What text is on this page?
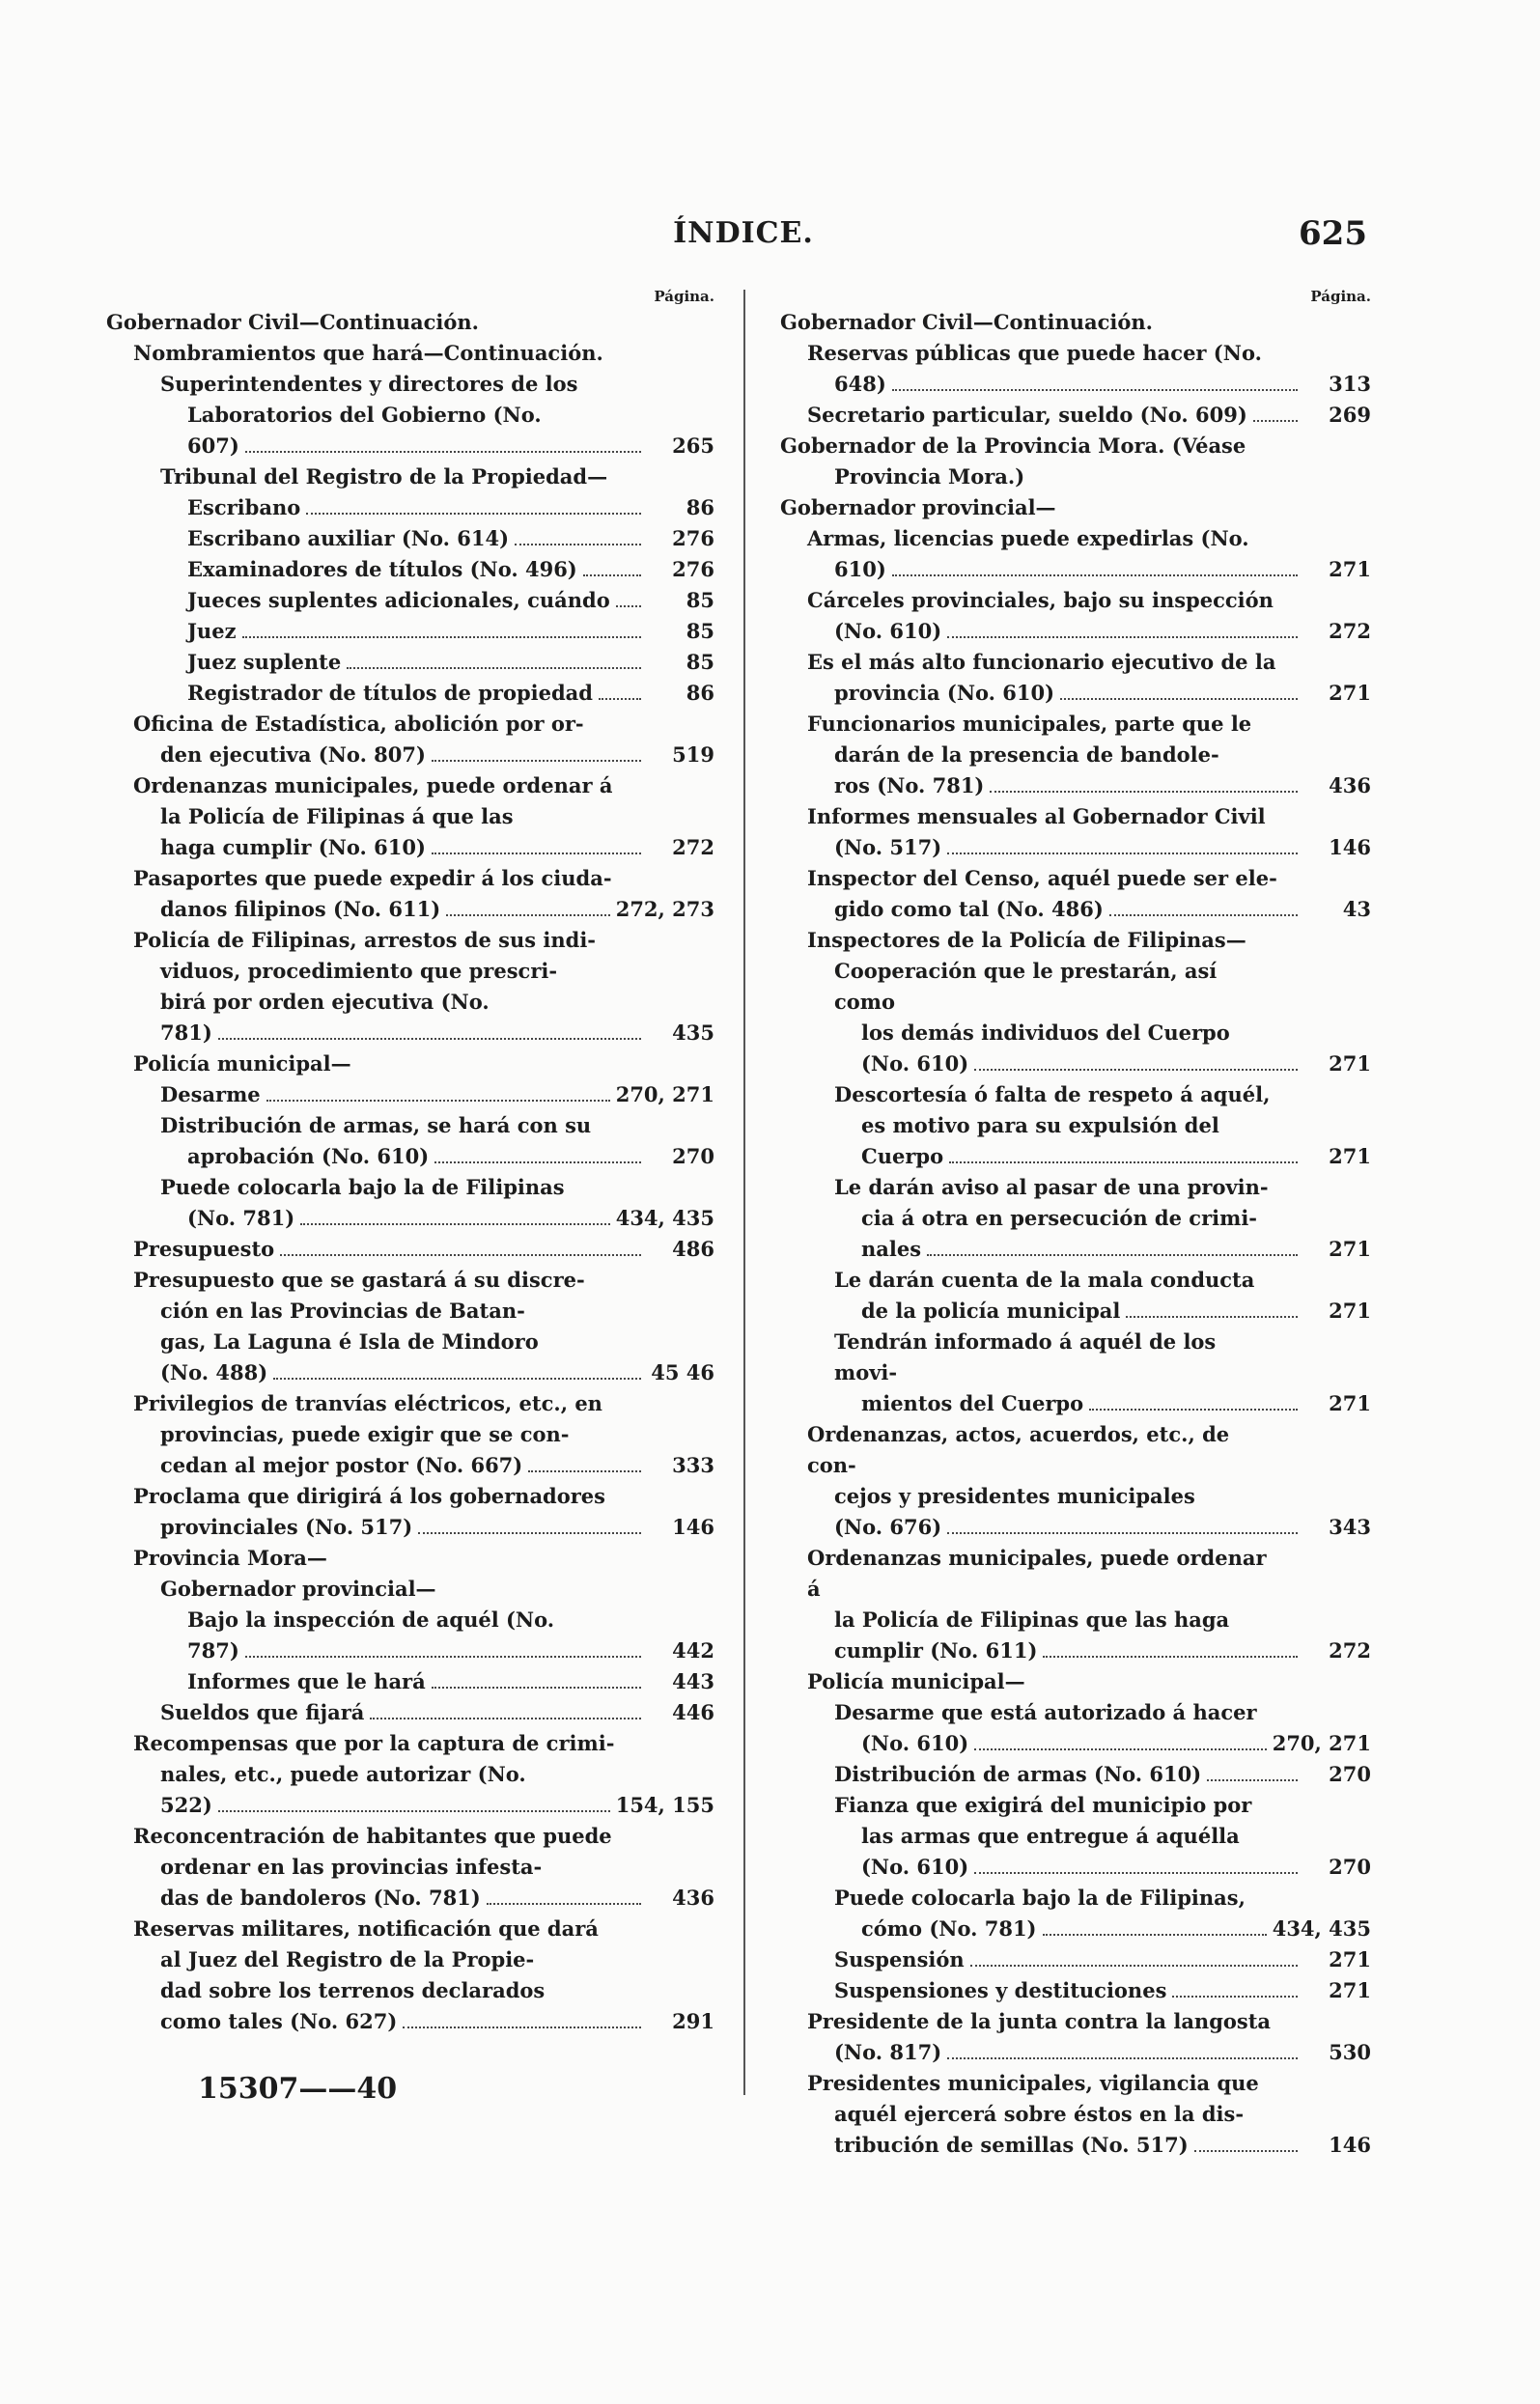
ÍNDICE.	625
Página.
Gobernador Civil—Continuación.
Nombramientos que hará—Continuación.
Superintendentes y directores de los
Laboratorios del Gobierno (No.
607)	265
Tribunal del Registro de la Propiedad—
Escribano	86
Escribano auxiliar (No. 614)	276
Examinadores de títulos (No. 496)	276
Jueces suplentes adicionales, cuándo	85
Juez	85
Juez suplente	85
Registrador de títulos de propiedad	86
Oficina de Estadística, abolición por or-
den ejecutiva (No. 807)	519
Ordenanzas municipales, puede ordenar á
la Policía de Filipinas á que las
haga cumplir (No. 610)	272
Pasaportes que puede expedir á los ciuda-
danos filipinos (No. 611)	272, 273
Policía de Filipinas, arrestos de sus indi-
viduos, procedimiento que prescri-
birá por orden ejecutiva (No.
781)	435
Policía municipal—
Desarme	270, 271
Distribución de armas, se hará con su
aprobación (No. 610)	270
Puede colocarla bajo la de Filipinas
(No. 781)	434, 435
Presupuesto	486
Presupuesto que se gastará á su discre-
ción en las Provincias de Batan-
gas, La Laguna é Isla de Mindoro
(No. 488)	45 46
Privilegios de tranvías eléctricos, etc., en
provincias, puede exigir que se con-
cedan al mejor postor (No. 667)	333
Proclama que dirigirá á los gobernadores
provinciales (No. 517)	146
Provincia Mora—
Gobernador provincial—
Bajo la inspección de aquél (No.
787)	442
Informes que le hará	443
Sueldos que fijará	446
Recompensas que por la captura de crimi-
nales, etc., puede autorizar (No.
522)	154, 155
Reconcentración de habitantes que puede
ordenar en las provincias infesta-
das de bandoleros (No. 781)	436
Reservas militares, notificación que dará
al Juez del Registro de la Propie-
dad sobre los terrenos declarados
como tales (No. 627)	291
Página.
Gobernador Civil—Continuación.
Reservas públicas que puede hacer (No.
648)	313
Secretario particular, sueldo (No. 609)	269
Gobernador de la Provincia Mora. (Véase
Provincia Mora.)
Gobernador provincial—
Armas, licencias puede expedirlas (No.
610)	271
Cárceles provinciales, bajo su inspección
(No. 610)	272
Es el más alto funcionario ejecutivo de la
provincia (No. 610)	271
Funcionarios municipales, parte que le
darán de la presencia de bandole-
ros (No. 781)	436
Informes mensuales al Gobernador Civil
(No. 517)	146
Inspector del Censo, aquél puede ser ele-
gido como tal (No. 486)	43
Inspectores de la Policía de Filipinas—
Cooperación que le prestarán, así como
los demás individuos del Cuerpo
(No. 610)	271
Descortesía ó falta de respeto á aquél,
es motivo para su expulsión del
Cuerpo	271
Le darán aviso al pasar de una provin-
cia á otra en persecución de crimi-
nales	271
Le darán cuenta de la mala conducta
de la policía municipal	271
Tendrán informado á aquél de los movi-
mientos del Cuerpo	271
Ordenanzas, actos, acuerdos, etc., de con-
cejos y presidentes municipales
(No. 676)	343
Ordenanzas municipales, puede ordenar á
la Policía de Filipinas que las haga
cumplir (No. 611)	272
Policía municipal—
Desarme que está autorizado á hacer
(No. 610)	270, 271
Distribución de armas (No. 610)	270
Fianza que exigirá del municipio por
las armas que entregue á aquélla
(No. 610)	270
Puede colocarla bajo la de Filipinas,
cómo (No. 781)	434, 435
Suspensión	271
Suspensiones y destituciones	271
Presidente de la junta contra la langosta
(No. 817)	530
Presidentes municipales, vigilancia que
aquél ejercerá sobre éstos en la dis-
tribución de semillas (No. 517)	146
15307——40
